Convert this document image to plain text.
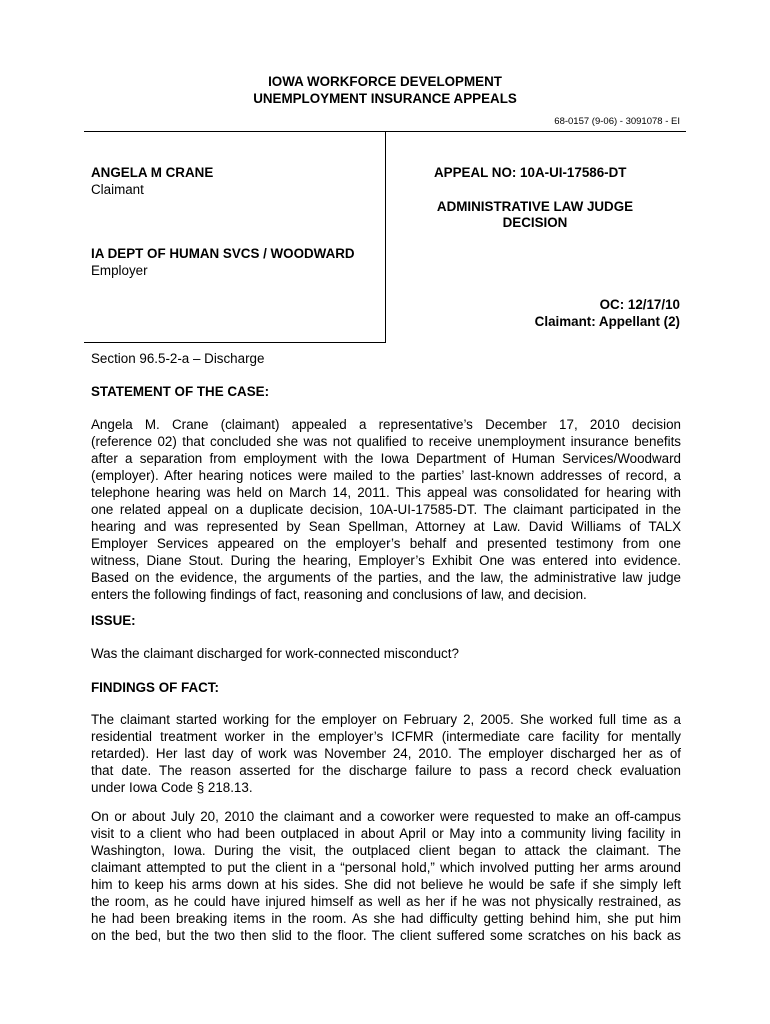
IOWA WORKFORCE DEVELOPMENT
UNEMPLOYMENT INSURANCE APPEALS
68-0157 (9-06) - 3091078 - EI
ANGELA M CRANE
Claimant
IA DEPT OF HUMAN SVCS / WOODWARD
Employer
APPEAL NO: 10A-UI-17586-DT
ADMINISTRATIVE LAW JUDGE
DECISION
OC: 12/17/10
Claimant: Appellant (2)
Section 96.5-2-a – Discharge
STATEMENT OF THE CASE:
Angela M. Crane (claimant) appealed a representative’s December 17, 2010 decision
(reference 02) that concluded she was not qualified to receive unemployment insurance benefits
after a separation from employment with the Iowa Department of Human Services/Woodward
(employer). After hearing notices were mailed to the parties’ last-known addresses of record, a
telephone hearing was held on March 14, 2011. This appeal was consolidated for hearing with
one related appeal on a duplicate decision, 10A-UI-17585-DT. The claimant participated in the
hearing and was represented by Sean Spellman, Attorney at Law. David Williams of TALX
Employer Services appeared on the employer’s behalf and presented testimony from one
witness, Diane Stout. During the hearing, Employer’s Exhibit One was entered into evidence.
Based on the evidence, the arguments of the parties, and the law, the administrative law judge
enters the following findings of fact, reasoning and conclusions of law, and decision.
ISSUE:
Was the claimant discharged for work-connected misconduct?
FINDINGS OF FACT:
The claimant started working for the employer on February 2, 2005. She worked full time as a
residential treatment worker in the employer’s ICFMR (intermediate care facility for mentally
retarded). Her last day of work was November 24, 2010. The employer discharged her as of
that date. The reason asserted for the discharge failure to pass a record check evaluation
under Iowa Code § 218.13.
On or about July 20, 2010 the claimant and a coworker were requested to make an off-campus
visit to a client who had been outplaced in about April or May into a community living facility in
Washington, Iowa. During the visit, the outplaced client began to attack the claimant. The
claimant attempted to put the client in a “personal hold,” which involved putting her arms around
him to keep his arms down at his sides. She did not believe he would be safe if she simply left
the room, as he could have injured himself as well as her if he was not physically restrained, as
he had been breaking items in the room. As she had difficulty getting behind him, she put him
on the bed, but the two then slid to the floor. The client suffered some scratches on his back as
